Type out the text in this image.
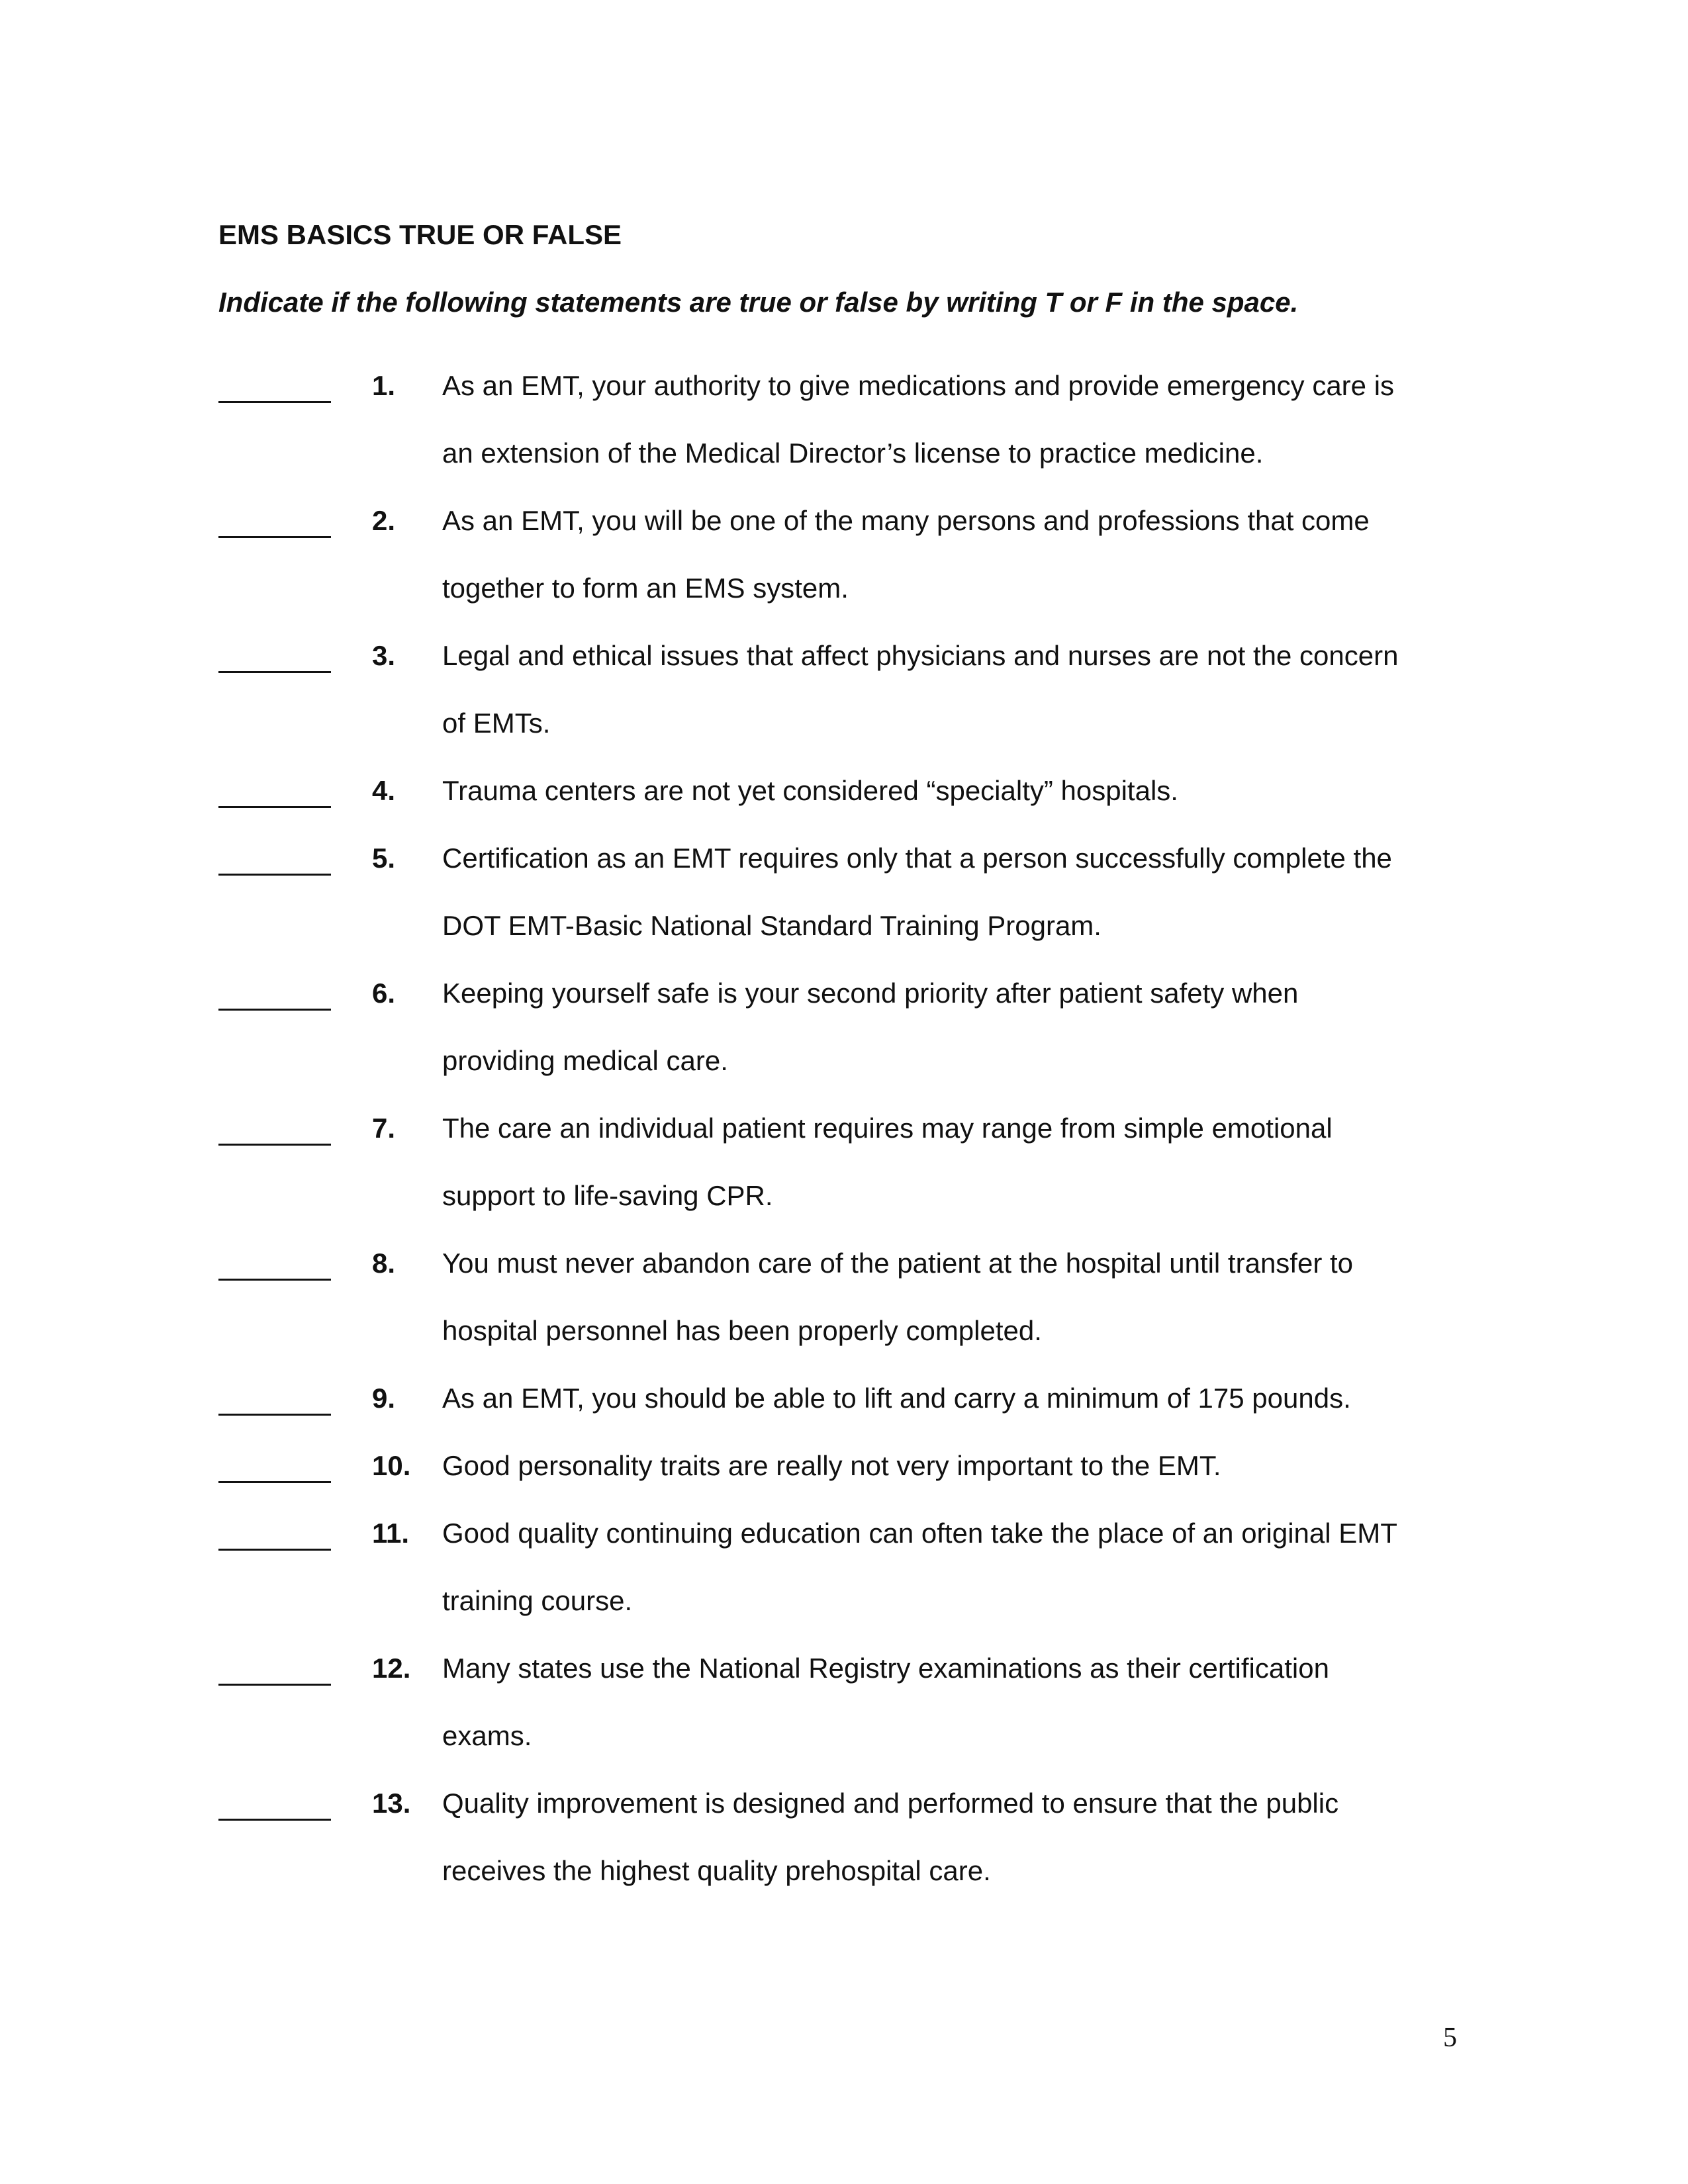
EMS BASICS TRUE OR FALSE

Indicate if the following statements are true or false by writing T or F in the space.

1. As an EMT, your authority to give medications and provide emergency care is
an extension of the Medical Director’s license to practice medicine.
2. As an EMT, you will be one of the many persons and professions that come
together to form an EMS system.
3. Legal and ethical issues that affect physicians and nurses are not the concern
of EMTs.
4. Trauma centers are not yet considered “specialty” hospitals.
5. Certification as an EMT requires only that a person successfully complete the
DOT EMT-Basic National Standard Training Program.
6. Keeping yourself safe is your second priority after patient safety when
providing medical care.
7. The care an individual patient requires may range from simple emotional
support to life-saving CPR.
8. You must never abandon care of the patient at the hospital until transfer to
hospital personnel has been properly completed.
9. As an EMT, you should be able to lift and carry a minimum of 175 pounds.
10. Good personality traits are really not very important to the EMT.
11. Good quality continuing education can often take the place of an original EMT
training course.
12. Many states use the National Registry examinations as their certification
exams.
13. Quality improvement is designed and performed to ensure that the public
receives the highest quality prehospital care.
5
